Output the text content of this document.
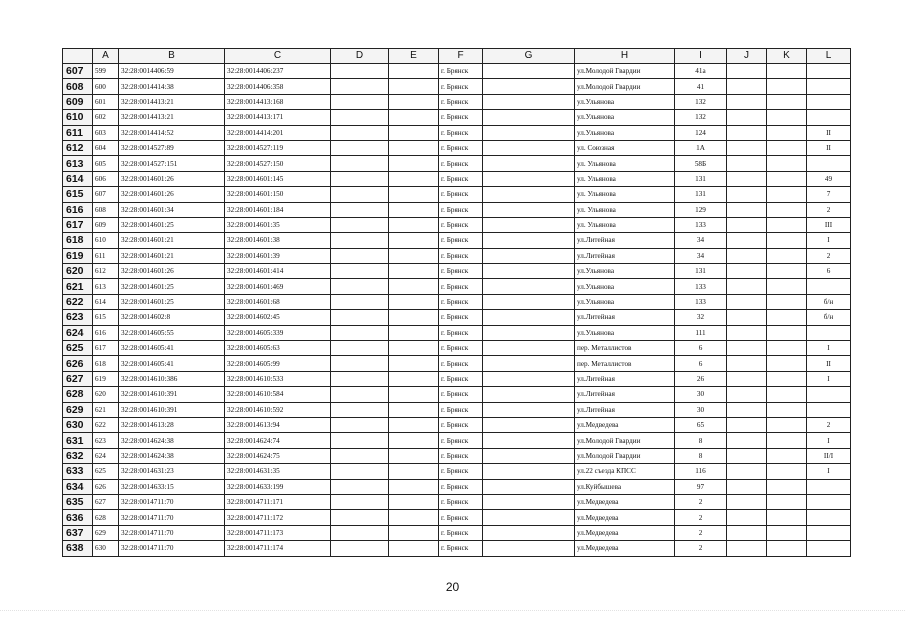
	A	B	C	D	E	F	G	H	I	J	K	L
607	599	32:28:0014406:59	32:28:0014406:237			г. Брянск		ул.Молодой Гвардии	41а			
608	600	32:28:0014414:38	32:28:0014406:358			г. Брянск		ул.Молодой Гвардии	41			
609	601	32:28:0014413:21	32:28:0014413:168			г. Брянск		ул.Ульянова	132			
610	602	32:28:0014413:21	32:28:0014413:171			г. Брянск		ул.Ульянова	132			
611	603	32:28:0014414:52	32:28:0014414:201			г. Брянск		ул.Ульянова	124			II
612	604	32:28:0014527:89	32:28:0014527:119			г. Брянск		ул. Союзная	1А			II
613	605	32:28:0014527:151	32:28:0014527:150			г. Брянск		ул. Ульянова	58Б			
614	606	32:28:0014601:26	32:28:0014601:145			г. Брянск		ул. Ульянова	131			49
615	607	32:28:0014601:26	32:28:0014601:150			г. Брянск		ул. Ульянова	131			7
616	608	32:28:0014601:34	32:28:0014601:184			г. Брянск		ул. Ульянова	129			2
617	609	32:28:0014601:25	32:28:0014601:35			г. Брянск		ул. Ульянова	133			III
618	610	32:28:0014601:21	32:28:0014601:38			г. Брянск		ул.Литейная	34			I
619	611	32:28:0014601:21	32:28:0014601:39			г. Брянск		ул.Литейная	34			2
620	612	32:28:0014601:26	32:28:0014601:414			г. Брянск		ул.Ульянова	131			6
621	613	32:28:0014601:25	32:28:0014601:469			г. Брянск		ул.Ульянова	133			
622	614	32:28:0014601:25	32:28:0014601:68			г. Брянск		ул.Ульянова	133			б/н
623	615	32:28:0014602:8	32:28:0014602:45			г. Брянск		ул.Литейная	32			б/н
624	616	32:28:0014605:55	32:28:0014605:339			г. Брянск		ул.Ульянова	111			
625	617	32:28:0014605:41	32:28:0014605:63			г. Брянск		пер. Металлистов	6			I
626	618	32:28:0014605:41	32:28:0014605:99			г. Брянск		пер. Металлистов	6			II
627	619	32:28:0014610:386	32:28:0014610:533			г. Брянск		ул.Литейная	26			I
628	620	32:28:0014610:391	32:28:0014610:584			г. Брянск		ул.Литейная	30			
629	621	32:28:0014610:391	32:28:0014610:592			г. Брянск		ул.Литейная	30			
630	622	32:28:0014613:28	32:28:0014613:94			г. Брянск		ул.Медведева	65			2
631	623	32:28:0014624:38	32:28:0014624:74			г. Брянск		ул.Молодой Гвардии	8			I
632	624	32:28:0014624:38	32:28:0014624:75			г. Брянск		ул.Молодой Гвардии	8			II/I
633	625	32:28:0014631:23	32:28:0014631:35			г. Брянск		ул.22 съезда КПСС	116			I
634	626	32:28:0014633:15	32:28:0014633:199			г. Брянск		ул.Куйбышева	97			
635	627	32:28:0014711:70	32:28:0014711:171			г. Брянск		ул.Медведева	2			
636	628	32:28:0014711:70	32:28:0014711:172			г. Брянск		ул.Медведева	2			
637	629	32:28:0014711:70	32:28:0014711:173			г. Брянск		ул.Медведева	2			
638	630	32:28:0014711:70	32:28:0014711:174			г. Брянск		ул.Медведева	2			
20
